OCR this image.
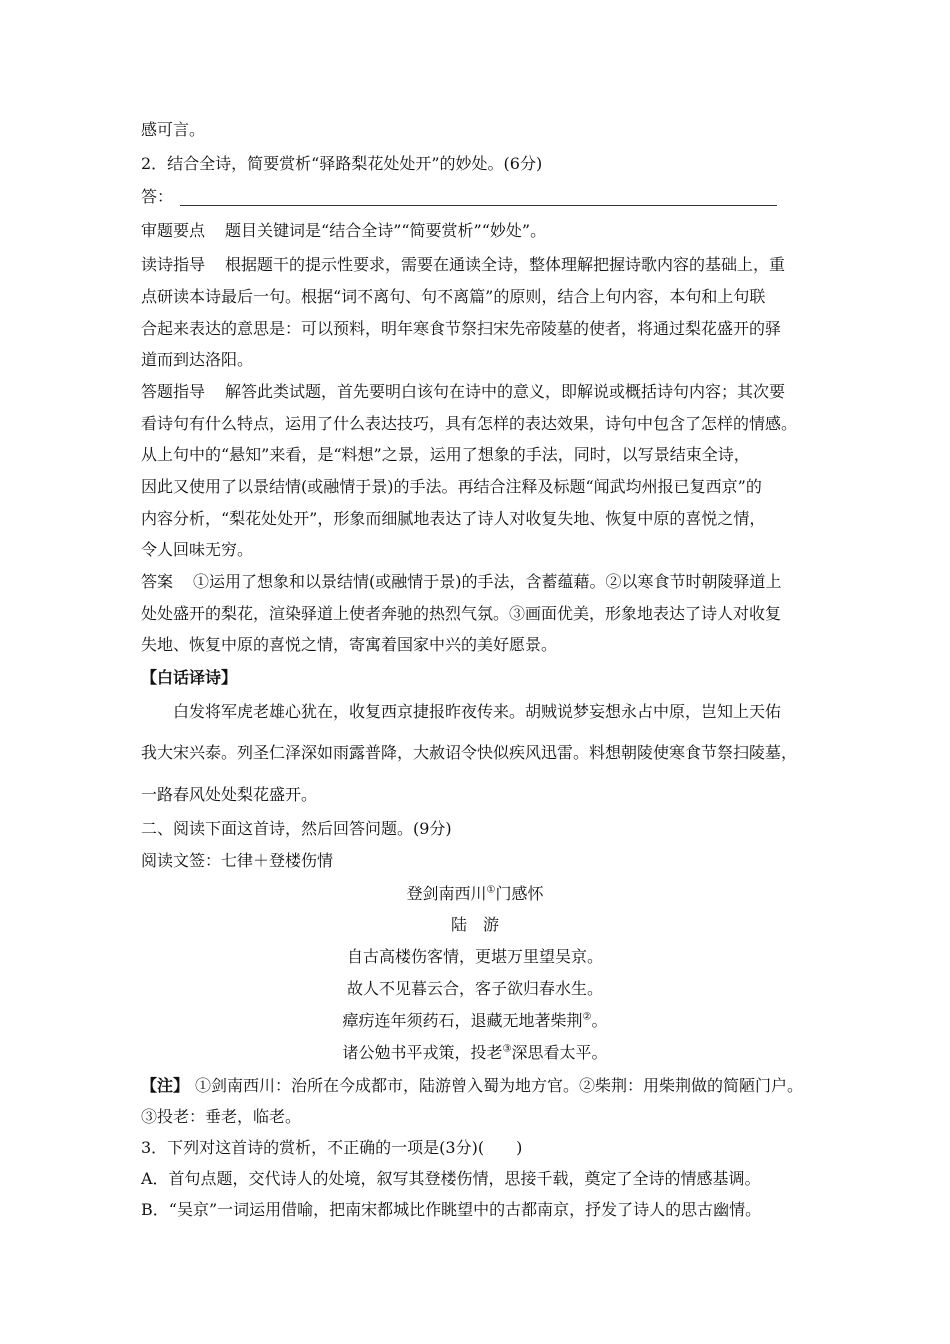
感可言。
2．结合全诗，简要赏析“驿路梨花处处开”的妙处。(6分)
答：
审题要点 题目关键词是“结合全诗”“简要赏析”“妙处”。
读诗指导 根据题干的提示性要求，需要在通读全诗，整体理解把握诗歌内容的基础上，重
点研读本诗最后一句。根据“词不离句、句不离篇”的原则，结合上句内容，本句和上句联
合起来表达的意思是：可以预料，明年寒食节祭扫宋先帝陵墓的使者，将通过梨花盛开的驿
道而到达洛阳。
答题指导 解答此类试题，首先要明白该句在诗中的意义，即解说或概括诗句内容；其次要
看诗句有什么特点，运用了什么表达技巧，具有怎样的表达效果，诗句中包含了怎样的情感。
从上句中的“悬知”来看，是“料想”之景，运用了想象的手法，同时，以写景结束全诗，
因此又使用了以景结情(或融情于景)的手法。再结合注释及标题“闻武均州报已复西京”的
内容分析，“梨花处处开”，形象而细腻地表达了诗人对收复失地、恢复中原的喜悦之情，
令人回味无穷。
答案 ①运用了想象和以景结情(或融情于景)的手法，含蓄蕴藉。②以寒食节时朝陵驿道上
处处盛开的梨花，渲染驿道上使者奔驰的热烈气氛。③画面优美，形象地表达了诗人对收复
失地、恢复中原的喜悦之情，寄寓着国家中兴的美好愿景。
【白话译诗】
白发将军虎老雄心犹在，收复西京捷报昨夜传来。胡贼说梦妄想永占中原，岂知上天佑
我大宋兴泰。列圣仁泽深如雨露普降，大赦诏令快似疾风迅雷。料想朝陵使寒食节祭扫陵墓，
一路春风处处梨花盛开。
二、阅读下面这首诗，然后回答问题。(9分)
阅读文签：七律＋登楼伤情
登剑南西川①门感怀
陆　游
自古高楼伤客情，更堪万里望吴京。
故人不见暮云合，客子欲归春水生。
瘴疠连年须药石，退藏无地著柴荆②。
诸公勉书平戎策，投老③深思看太平。
【注】 ①剑南西川：治所在今成都市，陆游曾入蜀为地方官。②柴荆：用柴荆做的简陋门户。
③投老：垂老，临老。
3．下列对这首诗的赏析，不正确的一项是(3分)(　　)
A．首句点题，交代诗人的处境，叙写其登楼伤情，思接千载，奠定了全诗的情感基调。
B．“吴京”一词运用借喻，把南宋都城比作眺望中的古都南京，抒发了诗人的思古幽情。
